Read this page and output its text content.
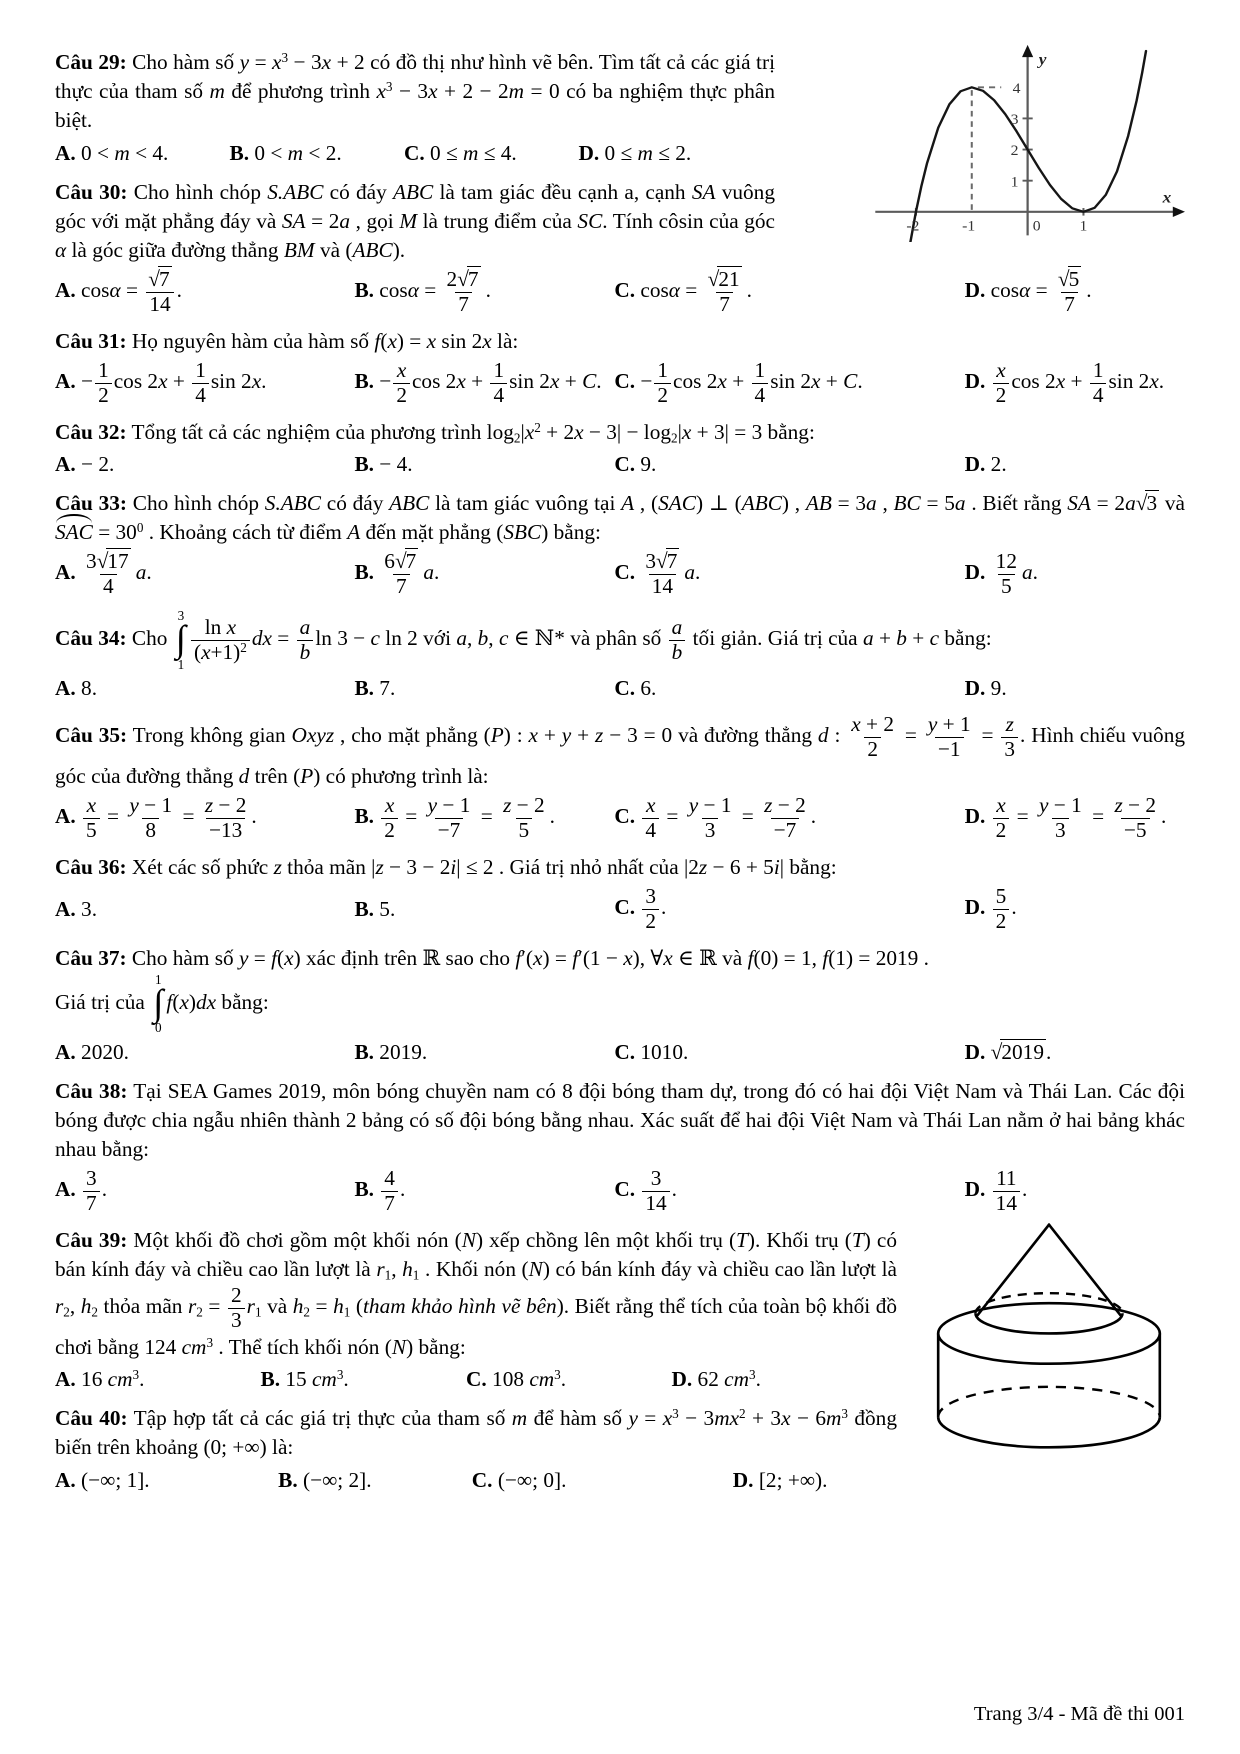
1
2
3
4
-2	-1	0	1
y
x

Câu 29: Cho hàm số $y = x^3 - 3x + 2$ có đồ thị như hình vẽ bên. Tìm tất cả các giá trị thực của tham số m để phương trình $x^3 - 3x + 2 - 2m = 0$ có ba nghiệm thực phân biệt.

A. 0 < m < 4.	B. 0 < m < 2.	C. 0 ≤ m ≤ 4.	D. 0 ≤ m ≤ 2.

Câu 30: Cho hình chóp S.ABC có đáy ABC là tam giác đều cạnh a, cạnh SA vuông góc với mặt phẳng đáy và SA = 2a , gọi M là trung điểm của SC. Tính côsin của góc α là góc giữa đường thẳng BM và (ABC).

A. $\cos\alpha = \frac{√7}{14}$ .	B. $\cos\alpha = \frac{2√7}{7}$ .	C. $\cos\alpha = \frac{√21}{7}$ .	D. $\cos\alpha = \frac{√5}{7}$ .

Câu 31: Họ nguyên hàm của hàm số f(x) = x sin 2x là:

A. − $\frac{1}{2}$ $\cos 2x + \frac{1}{4}$ sin 2x.	B. − $\frac{x}{2}$ $\cos 2x + \frac{1}{4}$ sin 2x + C. C. − $\frac{1}{2}$ $\cos 2x + \frac{1}{4}$ sin 2x + C.	D. $\frac{x}{2}$ $\cos 2x + \frac{1}{4}$ sin 2x.

Câu 32: Tổng tất cả các nghiệm của phương trình $\log 2|x^2 + 2x - 3| - \log 2|x + 3| = 3$ bằng:

A. − 2.	B. − 4.	C. 9.	D. 2.

Câu 33: Cho hình chóp S.ABC có đáy ABC là tam giác vuông tại A , (SAC) ⊥ (ABC) , AB = 3a , BC = 5a . Biết rằng SA = 2a√3 và SAC = $30^0$ . Khoảng cách từ điểm A đến mặt phẳng (SBC) bằng:

A. $\frac{3√17}{4} a$.	B. $\frac{6√7}{7} a$.	C. $\frac{3√7}{14} a$.	D. $\frac{12}{5} a$.

Câu 34: Cho
3
∫
$1 \frac{\text{ln x}}{(x+1)^2}$ dx = $\frac{a}{b}$ ln 3 − c ln 2 với a, b, c ∈ ℕ* và phân số $\frac{a}{b}$ tối giản. Giá trị của a + b + c bằng:

A. 8.	B. 7.	C. 6.	D. 9.

Câu 35: Trong không gian Oxyz , cho mặt phẳng (P) : x + y + z − 3 = 0 và đường thẳng d : $\frac{x + 2}{2} = \frac{y + 1}{-1} = \frac{z}{3}$ . Hình chiếu vuông góc của đường thẳng d trên (P) có phương trình là:

A. $\frac{x}{5} = \frac{y - 1}{8} = \frac{z - 2}{-13}$ .	B. $\frac{x}{2} = \frac{y - 1}{-7} = \frac{z - 2}{5}$ .	C. $\frac{x}{4} = \frac{y - 1}{3} = \frac{z - 2}{-7}$ .	D. $\frac{x}{2} = \frac{y - 1}{3} = \frac{z - 2}{-5}$ .

Câu 36: Xét các số phức z thỏa mãn |z − 3 − 2i| ≤ 2 . Giá trị nhỏ nhất của |2z − 6 + 5i| bằng:

A. 3.	B. 5.	C. $\frac{3}{2}$ .	D. $\frac{5}{2}$ .

Câu 37: Cho hàm số y = f(x) xác định trên ℝ sao cho f′(x) = f′(1 − x), ∀x ∈ ℝ và f(0) = 1, f(1) = 2019 .

Giá trị của
1
∫
0
f(x)dx bằng:

A. 2020.	B. 2019.	C. 1010.	D. √2019.

Câu 38: Tại SEA Games 2019, môn bóng chuyền nam có 8 đội bóng tham dự, trong đó có hai đội Việt Nam và Thái Lan. Các đội bóng được chia ngẫu nhiên thành 2 bảng có số đội bóng bằng nhau. Xác suất để hai đội Việt Nam và Thái Lan nằm ở hai bảng khác nhau bằng:

A. $\frac{3}{7}$ .	B. $\frac{4}{7}$ .	C. $\frac{3}{14}$ .	D. $\frac{11}{14}$ .

Câu 39: Một khối đồ chơi gồm một khối nón (N) xếp chồng lên một khối trụ (T). Khối trụ (T) có bán kính đáy và chiều cao lần lượt là r1, h1 . Khối nón (N) có bán kính đáy và chiều cao lần lượt là r2, h2 thỏa mãn $r2 = \frac{2}{3} r1$ và h2 = h1 (tham khảo hình vẽ bên). Biết rằng thể tích của toàn bộ khối đồ chơi bằng 124 $cm^3$ . Thể tích khối nón (N) bằng:

A. 16 $cm^3$.	B. 15 $cm^3$.	C. 108 $cm^3$.	D. 62 $cm^3$.

Câu 40: Tập hợp tất cả các giá trị thực của tham số m để hàm số $y = x^3 - 3mx^2 + 3x - 6m^3$ đồng biến trên khoảng (0; +∞) là:

A. (−∞; 1].	B. (−∞; 2].	C. (−∞; 0].	D. [2; +∞).
Trang 3/4 - Mã đề thi 001
